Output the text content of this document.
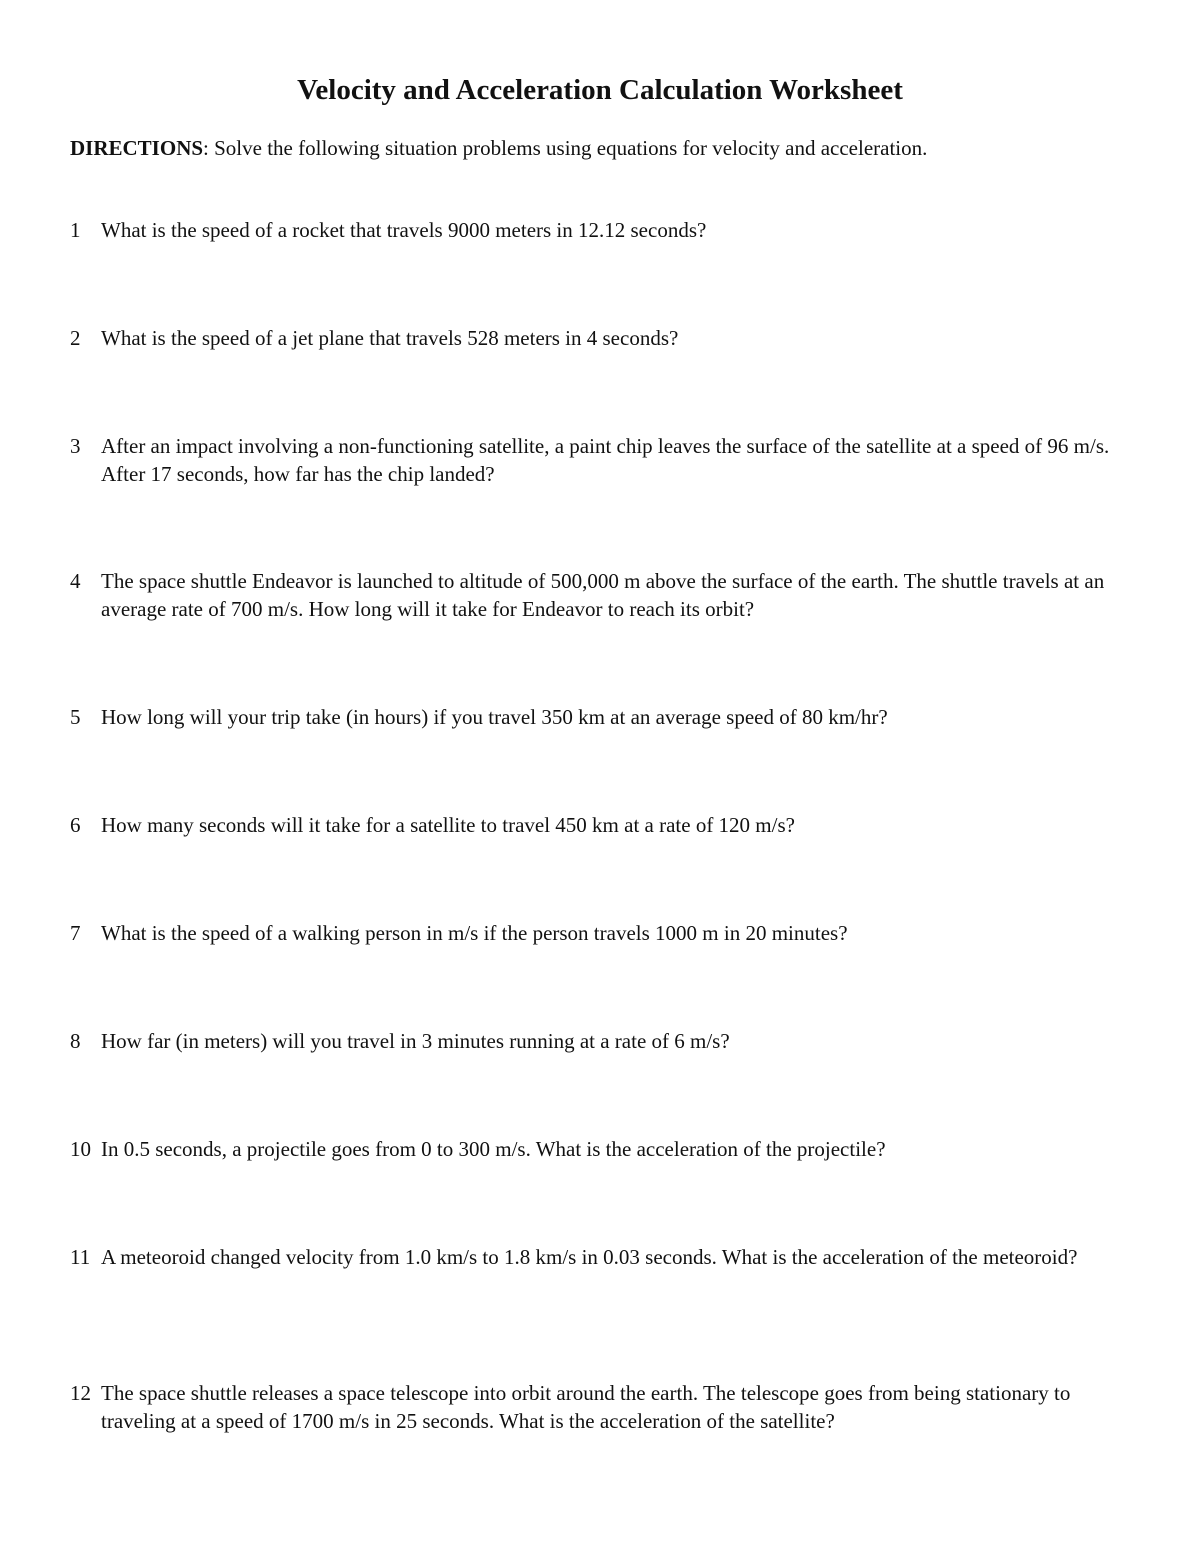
Velocity and Acceleration Calculation Worksheet

DIRECTIONS: Solve the following situation problems using equations for velocity and acceleration.

1 What is the speed of a rocket that travels 9000 meters in 12.12 seconds?
2 What is the speed of a jet plane that travels 528 meters in 4 seconds?
3 After an impact involving a non-functioning satellite, a paint chip leaves the surface of the satellite at a speed of 96 m/s. After 17 seconds, how far has the chip landed?
4 The space shuttle Endeavor is launched to altitude of 500,000 m above the surface of the earth. The shuttle travels at an average rate of 700 m/s. How long will it take for Endeavor to reach its orbit?
5 How long will your trip take (in hours) if you travel 350 km at an average speed of 80 km/hr?
6 How many seconds will it take for a satellite to travel 450 km at a rate of 120 m/s?
7 What is the speed of a walking person in m/s if the person travels 1000 m in 20 minutes?
8 How far (in meters) will you travel in 3 minutes running at a rate of 6 m/s?
10 In 0.5 seconds, a projectile goes from 0 to 300 m/s. What is the acceleration of the projectile?
11 A meteoroid changed velocity from 1.0 km/s to 1.8 km/s in 0.03 seconds. What is the acceleration of the meteoroid?
12 The space shuttle releases a space telescope into orbit around the earth. The telescope goes from being stationary to traveling at a speed of 1700 m/s in 25 seconds. What is the acceleration of the satellite?
